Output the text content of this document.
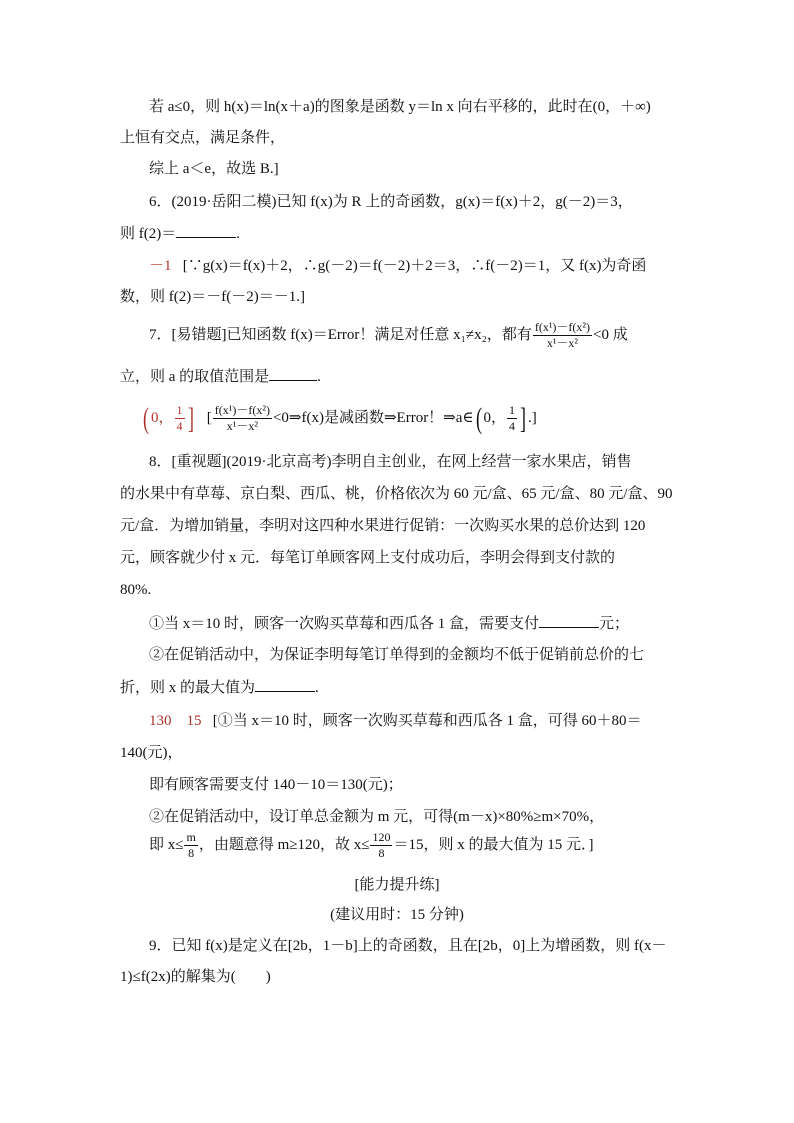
若 a≤0，则 h(x)＝ln(x＋a)的图象是函数 y＝ln x 向右平移的，此时在(0，＋∞)
上恒有交点，满足条件，
综上 a＜e，故选 B.]
6．(2019·岳阳二模)已知 f(x)为 R 上的奇函数，g(x)＝f(x)＋2，g(－2)＝3，
则 f(2)＝	.
－1 [∵g(x)＝f(x)＋2，∴g(－2)＝f(－2)＋2＝3，∴f(－2)＝1，又 f(x)为奇函
数，则 f(2)＝－f(－2)＝－1.]
7．[易错题]已知函数 f(x)＝Error！满足对任意 x₁≠x₂，都有 $\frac{\text{f(x¹)－f(x²)}}{\text{x¹－x²}} <0$ 成
立，则 a 的取值范围是	.
( 0， $\frac{1}{4}$ ] [ $\frac{\text{f(x¹)－f(x²)}}{\text{x¹－x²}}$ <0⇒f(x)是减函数⇒Error！⇒a∈( 0， $\frac{1}{4}$ ] .]
8．[重视题](2019·北京高考)李明自主创业，在网上经营一家水果店，销售
的水果中有草莓、京白梨、西瓜、桃，价格依次为 60 元/盒、65 元/盒、80 元/盒、90
元/盒．为增加销量，李明对这四种水果进行促销：一次购买水果的总价达到 120
元，顾客就少付 x 元．每笔订单顾客网上支付成功后，李明会得到支付款的
80%.
①当 x＝10 时，顾客一次购买草莓和西瓜各 1 盒，需要支付	元；
②在促销活动中，为保证李明每笔订单得到的金额均不低于促销前总价的七
折，则 x 的最大值为	.
130 15 [①当 x＝10 时，顾客一次购买草莓和西瓜各 1 盒，可得 60＋80＝
140(元)，
即有顾客需要支付 140－10＝130(元)；
②在促销活动中，设订单总金额为 m 元，可得(m－x)×80%≥m×70%，
即 $x\le \frac{m}{8}$ ，由题意得 m≥120，故 $x\le \frac{120}{8} =15$，则 x 的最大值为 15 元．]
[能力提升练]
(建议用时：15 分钟)
9．已知 f(x)是定义在[2b，1－b]上的奇函数，且在[2b，0]上为增函数，则 f(x－
1)≤f(2x)的解集为(　　)
